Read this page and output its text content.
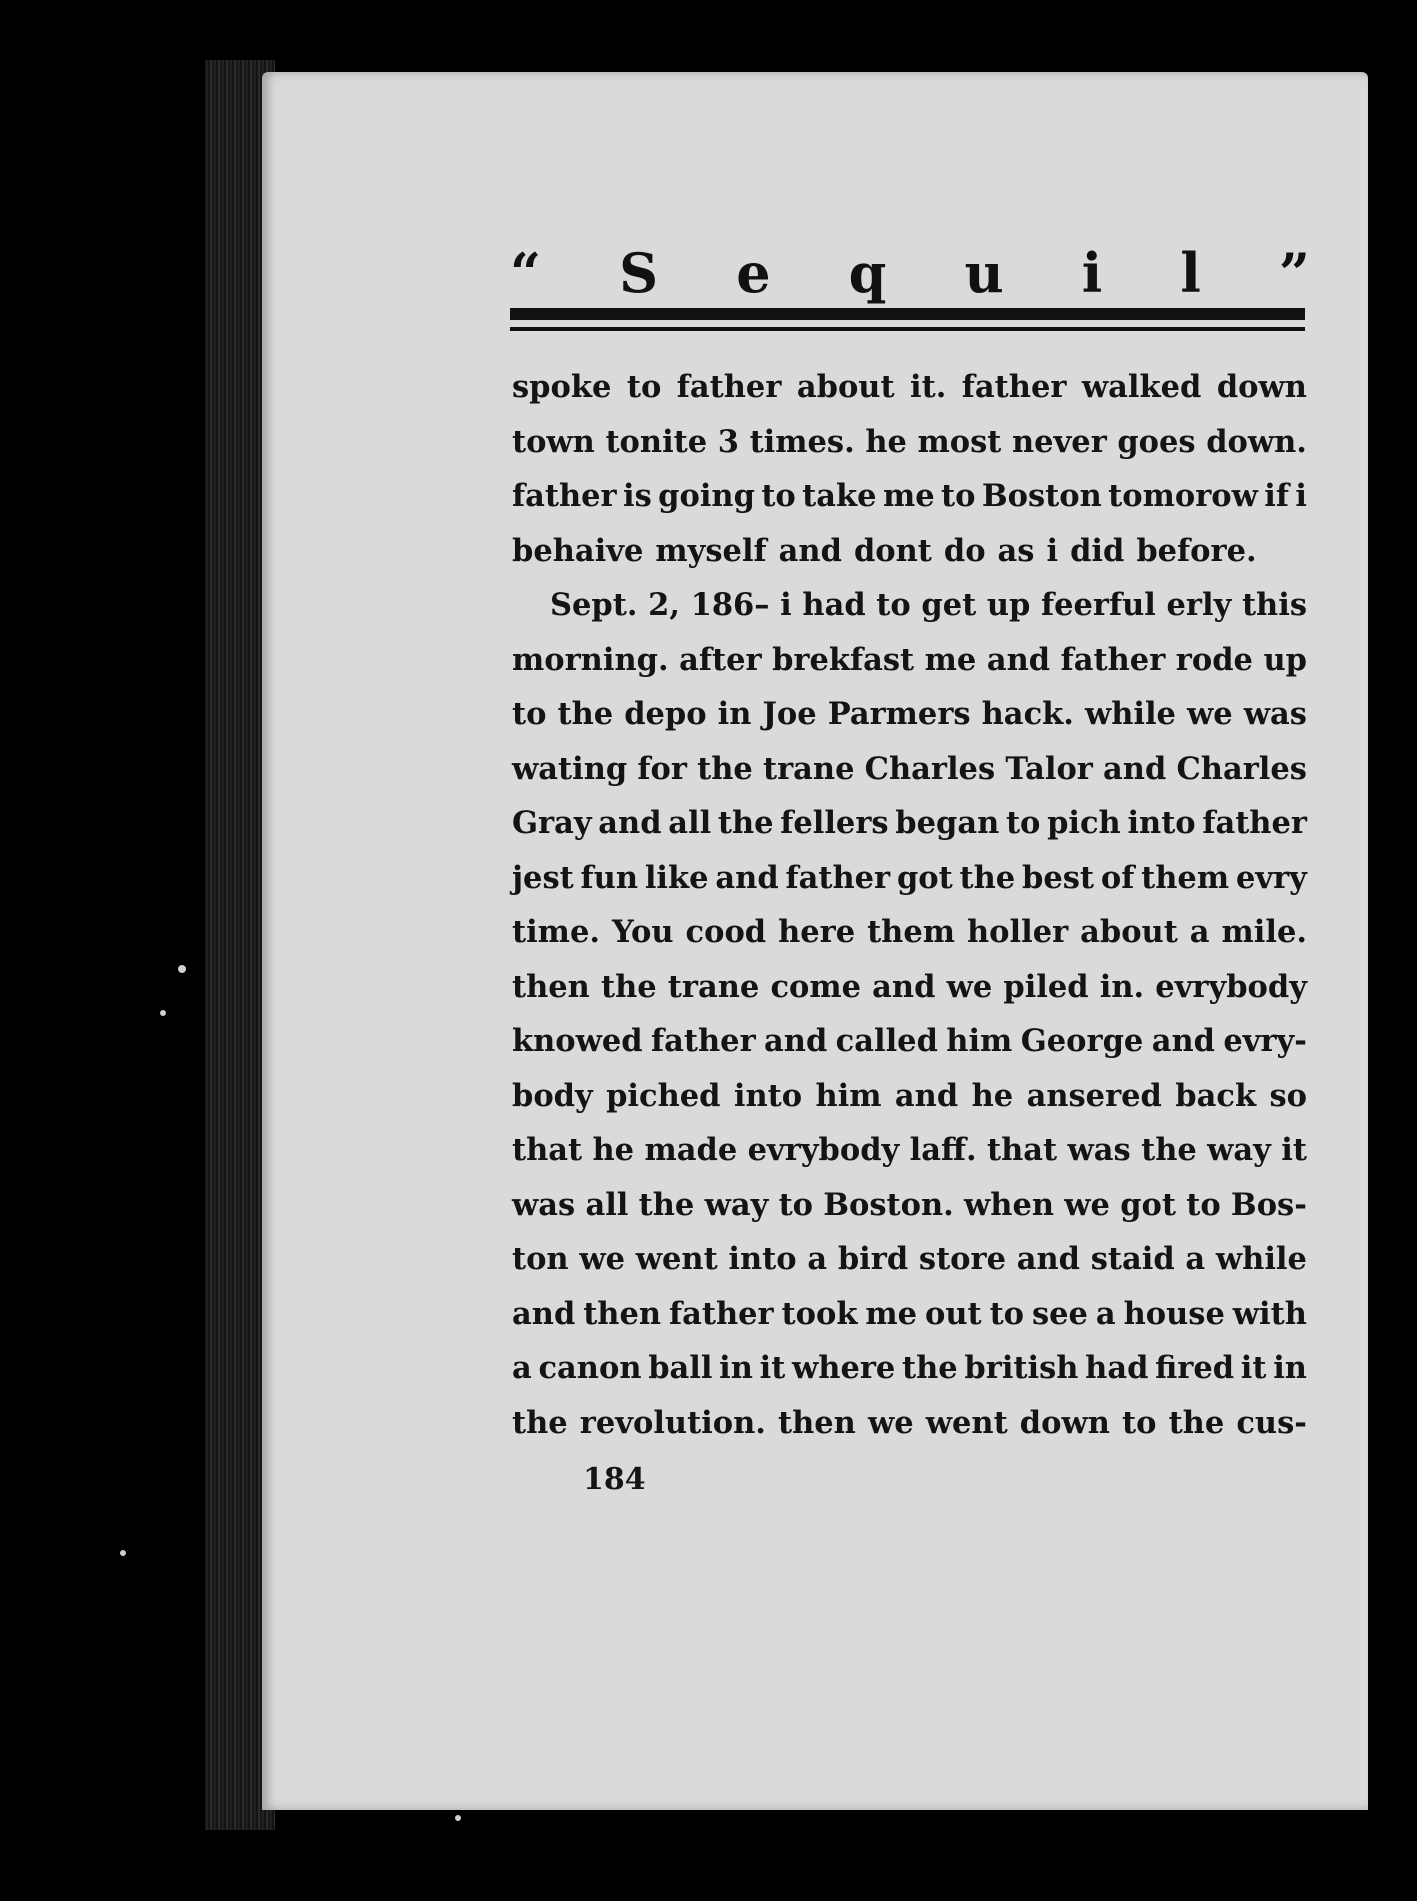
“ S e q u i l ”
spoke to father about it. father walked down
town tonite 3 times. he most never goes down.
father is going to take me to Boston tomorow if i
behaive myself and dont do as i did before.
Sept. 2, 186– i had to get up feerful erly this
morning. after brekfast me and father rode up
to the depo in Joe Parmers hack. while we was
wating for the trane Charles Talor and Charles
Gray and all the fellers began to pich into father
jest fun like and father got the best of them evry
time. You cood here them holler about a mile.
then the trane come and we piled in. evrybody
knowed father and called him George and evry-
body piched into him and he ansered back so
that he made evrybody laff. that was the way it
was all the way to Boston. when we got to Bos-
ton we went into a bird store and staid a while
and then father took me out to see a house with
a canon ball in it where the british had fired it in
the revolution. then we went down to the cus-
184
